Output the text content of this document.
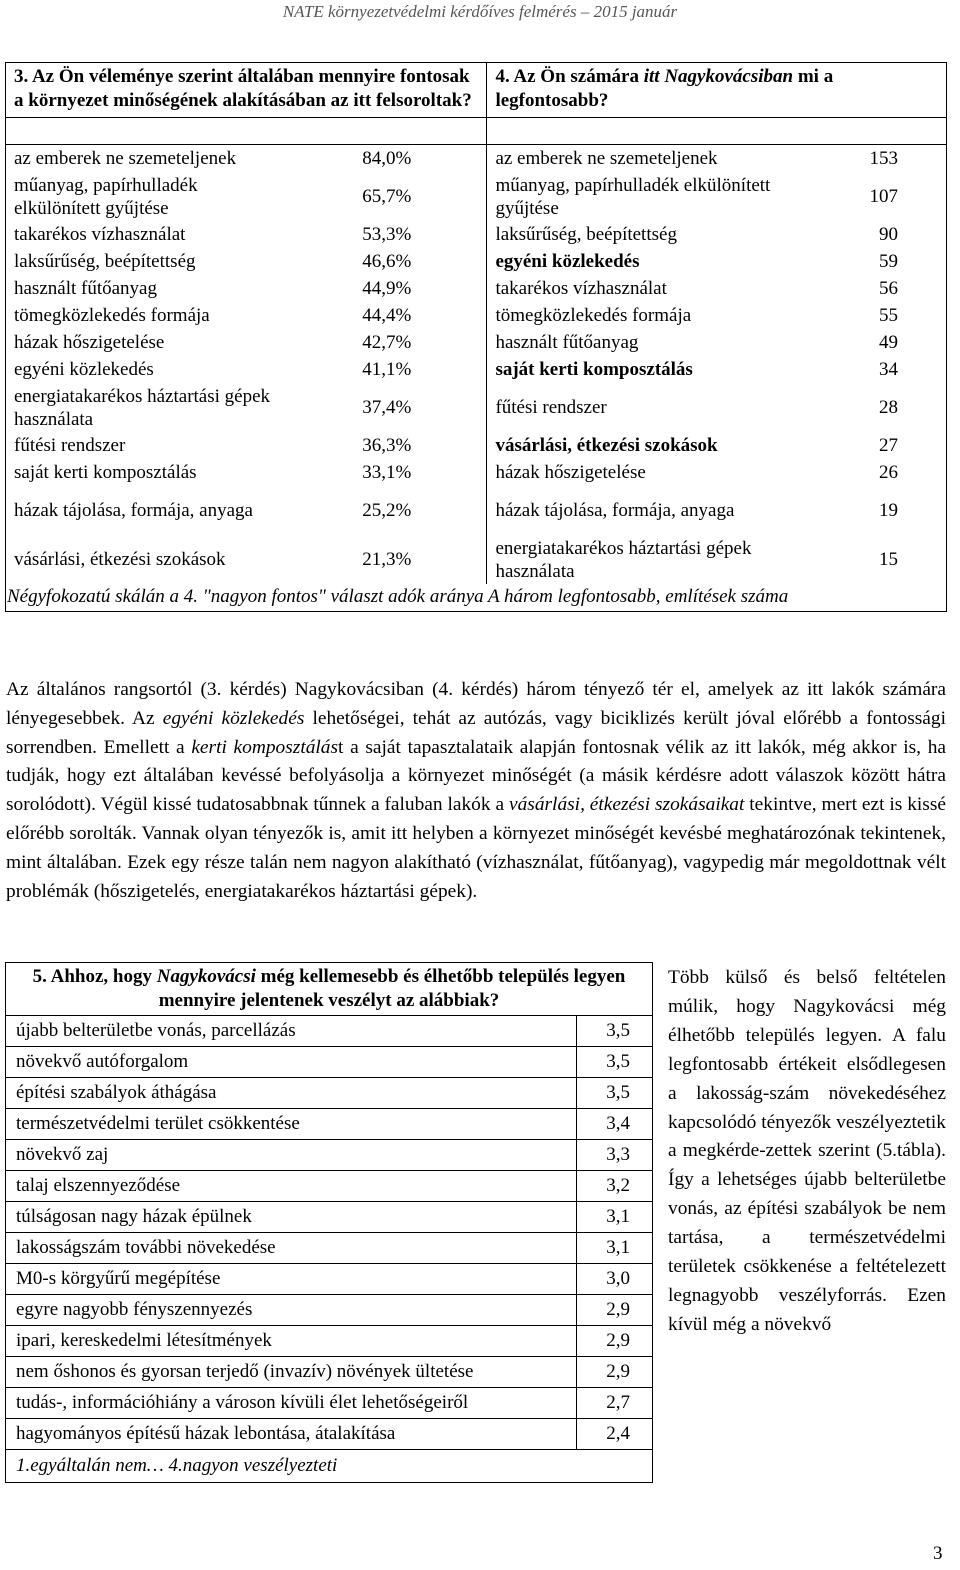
NATE környezetvédelmi kérdőíves felmérés – 2015 január
3. Az Ön véleménye szerint általában mennyire fontosak a környezet minőségének alakításában az itt felsoroltak?		4. Az Ön számára itt Nagykovácsiban mi a legfontosabb?	

az emberek ne szemeteljenek	84,0%	az emberek ne szemeteljenek	153
műanyag, papírhulladék elkülönített gyűjtése	65,7%	műanyag, papírhulladék elkülönített gyűjtése	107
takarékos vízhasználat	53,3%	laksűrűség, beépítettség	90
laksűrűség, beépítettség	46,6%	egyéni közlekedés	59
használt fűtőanyag	44,9%	takarékos vízhasználat	56
tömegközlekedés formája	44,4%	tömegközlekedés formája	55
házak hőszigetelése	42,7%	használt fűtőanyag	49
egyéni közlekedés	41,1%	saját kerti komposztálás	34
energiatakarékos háztartási gépek használata	37,4%	fűtési rendszer	28
fűtési rendszer	36,3%	vásárlási, étkezési szokások	27
saját kerti komposztálás	33,1%	házak hőszigetelése	26
házak tájolása, formája, anyaga	25,2%	házak tájolása, formája, anyaga	19
vásárlási, étkezési szokások	21,3%	energiatakarékos háztartási gépek használata	15
Négyfokozatú skálán a 4. "nagyon fontos" választ adók aránya		A három legfontosabb, említések száma	
Az általános rangsortól (3. kérdés) Nagykovácsiban (4. kérdés) három tényező tér el, amelyek az itt lakók számára lényegesebbek. Az egyéni közlekedés lehetőségei, tehát az autózás, vagy biciklizés került jóval előrébb a fontossági sorrendben. Emellett a kerti komposztálást a saját tapasztalataik alapján fontosnak vélik az itt lakók, még akkor is, ha tudják, hogy ezt általában kevéssé befolyásolja a környezet minőségét (a másik kérdésre adott válaszok között hátra sorolódott). Végül kissé tudatosabbnak tűnnek a faluban lakók a vásárlási, étkezési szokásaikat tekintve, mert ezt is kissé előrébb sorolták. Vannak olyan tényezők is, amit itt helyben a környezet minőségét kevésbé meghatározónak tekintenek, mint általában. Ezek egy része talán nem nagyon alakítható (vízhasználat, fűtőanyag), vagypedig már megoldottnak vélt problémák (hőszigetelés, energiatakarékos háztartási gépek).
5. Ahhoz, hogy Nagykovácsi még kellemesebb és élhetőbb település legyen mennyire jelentenek veszélyt az alábbiak?	
újabb belterületbe vonás, parcellázás	3,5
növekvő autóforgalom	3,5
építési szabályok áthágása	3,5
természetvédelmi terület csökkentése	3,4
növekvő zaj	3,3
talaj elszennyeződése	3,2
túlságosan nagy házak épülnek	3,1
lakosságszám további növekedése	3,1
M0-s körgyűrű megépítése	3,0
egyre nagyobb fényszennyezés	2,9
ipari, kereskedelmi létesítmények	2,9
nem őshonos és gyorsan terjedő (invazív) növények ültetése	2,9
tudás-, információhiány a városon kívüli élet lehetőségeiről	2,7
hagyományos építésű házak lebontása, átalakítása	2,4
1.egyáltalán nem… 4.nagyon veszélyezteti	
Több külső és belső feltételen múlik, hogy Nagykovácsi még élhetőbb település legyen. A falu legfontosabb értékeit elsődlegesen a lakosság-szám növekedéséhez kapcsolódó tényezők veszélyeztetik a megkérde-zettek szerint (5.tábla). Így a lehetséges újabb belterületbe vonás, az építési szabályok be nem tartása, a természetvédelmi területek csökkenése a feltételezett legnagyobb veszélyforrás. Ezen kívül még a növekvő
3
